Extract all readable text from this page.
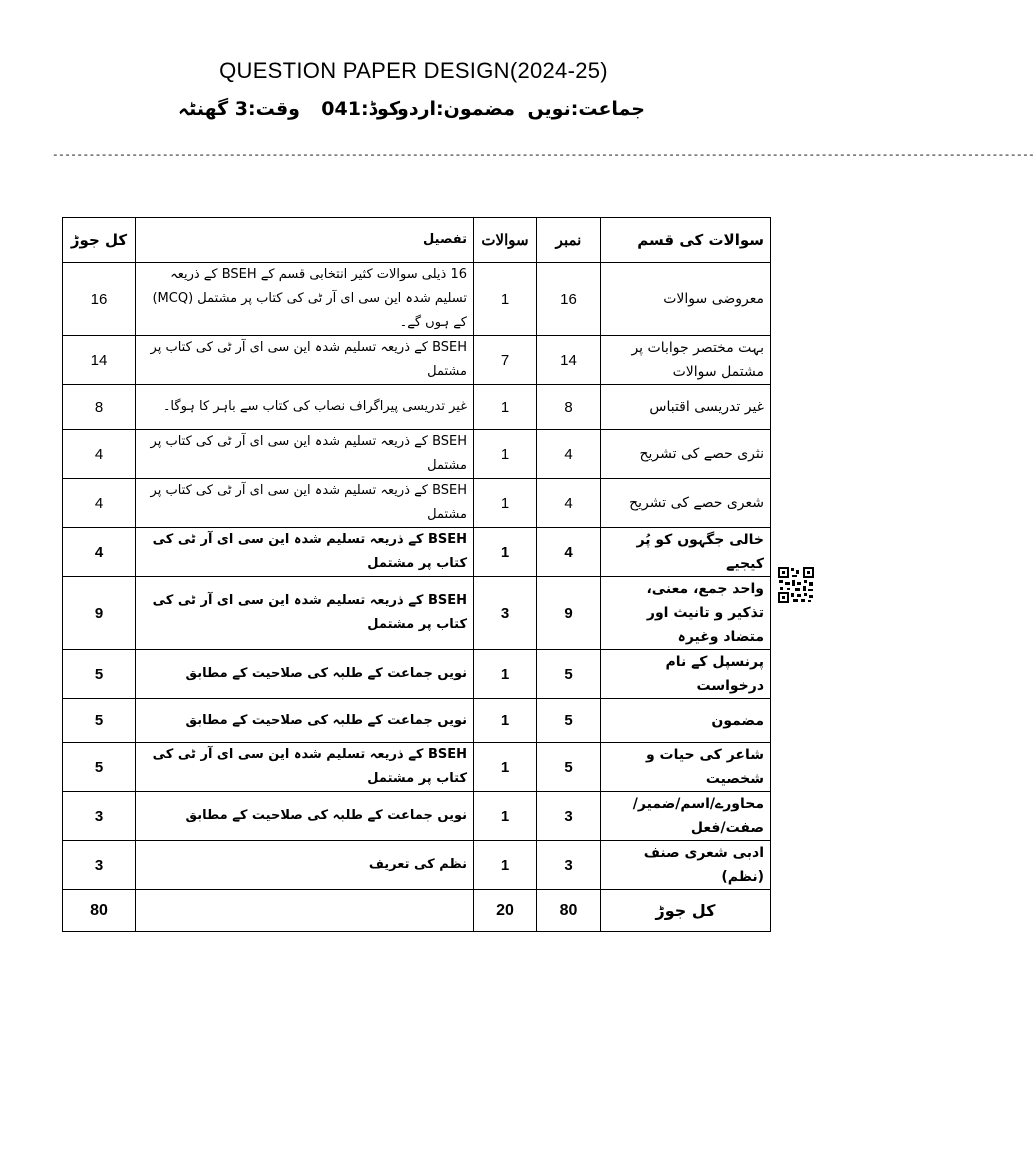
QUESTION PAPER DESIGN(2024-25)
جماعت:نویں
مضمون:اردو
کوڈ:041
وقت:3 گھنٹہ
-----------------------------------------------------------------------------------------------------------------------------------------------------------------
سوالات کی قسم	نمبر	سوالات	تفصیل	کل جوڑ
معروضی سوالات	16	1	16 ذیلی سوالات کثیر انتخابی قسم کے BSEH کے ذریعہ تسلیم شدہ این سی ای آر ٹی کی کتاب پر مشتمل (MCQ) کے ہوں گے۔	16
بہت مختصر جوابات پر مشتمل سوالات	14	7	BSEH کے ذریعہ تسلیم شدہ این سی ای آر ٹی کی کتاب پر مشتمل	14
غیر تدریسی اقتباس	8	1	غیر تدریسی پیراگراف نصاب کی کتاب سے باہر کا ہوگا۔	8
نثری حصے کی تشریح	4	1	BSEH کے ذریعہ تسلیم شدہ این سی ای آر ٹی کی کتاب پر مشتمل	4
شعری حصے کی تشریح	4	1	BSEH کے ذریعہ تسلیم شدہ این سی ای آر ٹی کی کتاب پر مشتمل	4
خالی جگہوں کو پُر کیجیے	4	1	BSEH کے ذریعہ تسلیم شدہ این سی ای آر ٹی کی کتاب پر مشتمل	4
واحد جمع، معنی، تذکیر و تانیث اور متضاد وغیرہ	9	3	BSEH کے ذریعہ تسلیم شدہ این سی ای آر ٹی کی کتاب پر مشتمل	9
پرنسپل کے نام درخواست	5	1	نویں جماعت کے طلبہ کی صلاحیت کے مطابق	5
مضمون	5	1	نویں جماعت کے طلبہ کی صلاحیت کے مطابق	5
شاعر کی حیات و شخصیت	5	1	BSEH کے ذریعہ تسلیم شدہ این سی ای آر ٹی کی کتاب پر مشتمل	5
محاورے/اسم/ضمیر/صفت/فعل	3	1	نویں جماعت کے طلبہ کی صلاحیت کے مطابق	3
ادبی شعری صنف (نظم)	3	1	نظم کی تعریف	3
کل جوڑ	80	20		80
